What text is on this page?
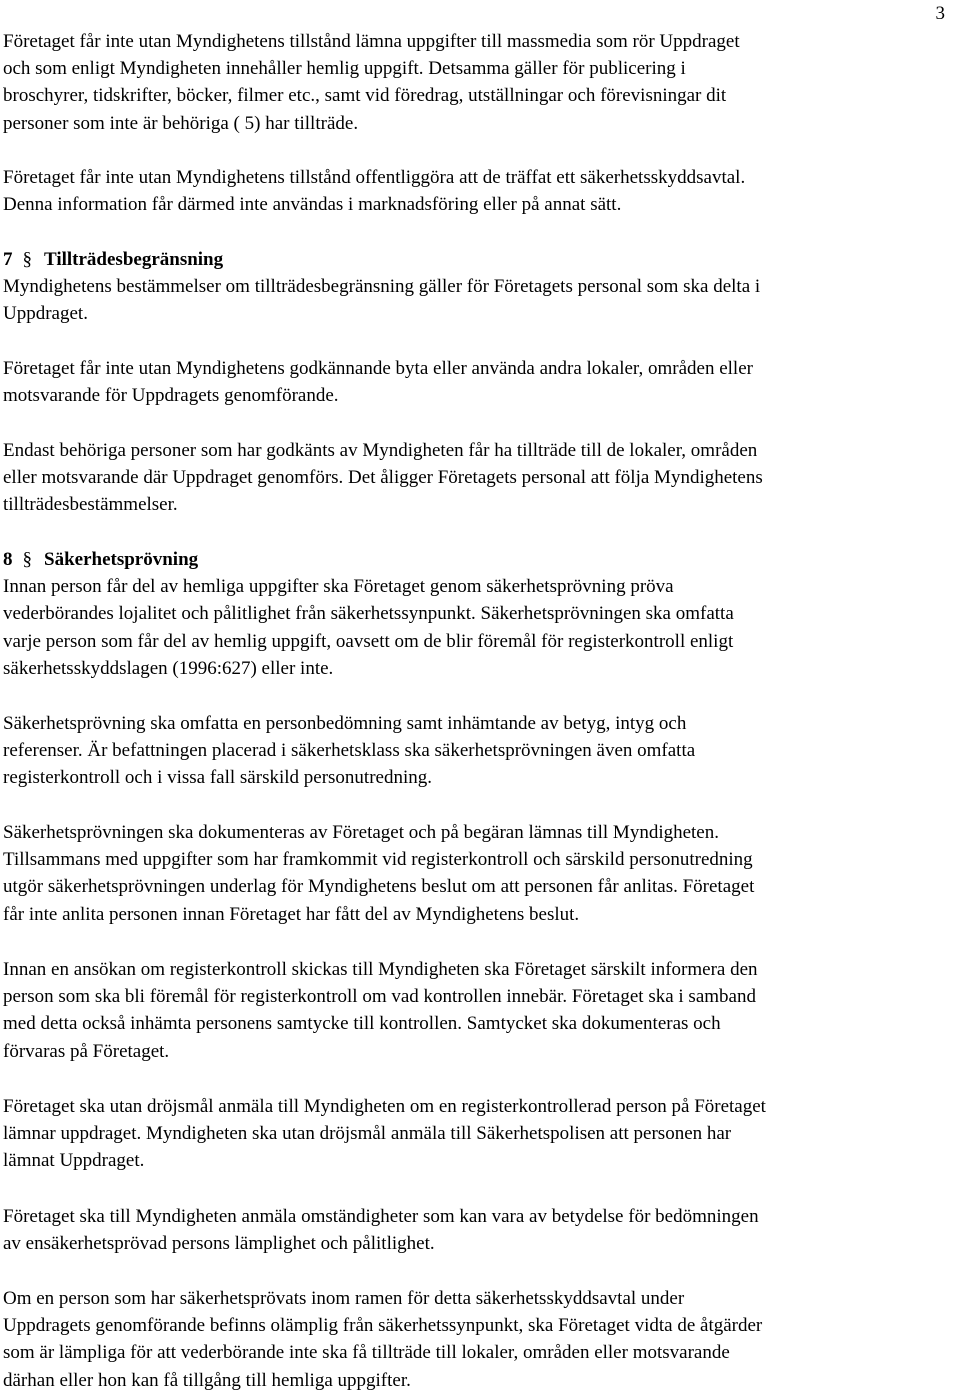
3
Företaget får inte utan Myndighetens tillstånd lämna uppgifter till massmedia som rör Uppdraget
och som enligt Myndigheten innehåller hemlig uppgift. Detsamma gäller för publicering i
broschyrer, tidskrifter, böcker, filmer etc., samt vid föredrag, utställningar och förevisningar dit
personer som inte är behöriga ( 5) har tillträde.
Företaget får inte utan Myndighetens tillstånd offentliggöra att de träffat ett säkerhetsskyddsavtal.
Denna information får därmed inte användas i marknadsföring eller på annat sätt.
7 § Tillträdesbegränsning
Myndighetens bestämmelser om tillträdesbegränsning gäller för Företagets personal som ska delta i
Uppdraget.
Företaget får inte utan Myndighetens godkännande byta eller använda andra lokaler, områden eller
motsvarande för Uppdragets genomförande.
Endast behöriga personer som har godkänts av Myndigheten får ha tillträde till de lokaler, områden
eller motsvarande där Uppdraget genomförs. Det åligger Företagets personal att följa Myndighetens
tillträdesbestämmelser.
8 § Säkerhetsprövning
Innan person får del av hemliga uppgifter ska Företaget genom säkerhetsprövning pröva
vederbörandes lojalitet och pålitlighet från säkerhetssynpunkt. Säkerhetsprövningen ska omfatta
varje person som får del av hemlig uppgift, oavsett om de blir föremål för registerkontroll enligt
säkerhetsskyddslagen (1996:627) eller inte.
Säkerhetsprövning ska omfatta en personbedömning samt inhämtande av betyg, intyg och
referenser. Är befattningen placerad i säkerhetsklass ska säkerhetsprövningen även omfatta
registerkontroll och i vissa fall särskild personutredning.
Säkerhetsprövningen ska dokumenteras av Företaget och på begäran lämnas till Myndigheten.
Tillsammans med uppgifter som har framkommit vid registerkontroll och särskild personutredning
utgör säkerhetsprövningen underlag för Myndighetens beslut om att personen får anlitas. Företaget
får inte anlita personen innan Företaget har fått del av Myndighetens beslut.
Innan en ansökan om registerkontroll skickas till Myndigheten ska Företaget särskilt informera den
person som ska bli föremål för registerkontroll om vad kontrollen innebär. Företaget ska i samband
med detta också inhämta personens samtycke till kontrollen. Samtycket ska dokumenteras och
förvaras på Företaget.
Företaget ska utan dröjsmål anmäla till Myndigheten om en registerkontrollerad person på Företaget
lämnar uppdraget. Myndigheten ska utan dröjsmål anmäla till Säkerhetspolisen att personen har
lämnat Uppdraget.
Företaget ska till Myndigheten anmäla omständigheter som kan vara av betydelse för bedömningen
av ensäkerhetsprövad persons lämplighet och pålitlighet.
Om en person som har säkerhetsprövats inom ramen för detta säkerhetsskyddsavtal under
Uppdragets genomförande befinns olämplig från säkerhetssynpunkt, ska Företaget vidta de åtgärder
som är lämpliga för att vederbörande inte ska få tillträde till lokaler, områden eller motsvarande
därhan eller hon kan få tillgång till hemliga uppgifter.
